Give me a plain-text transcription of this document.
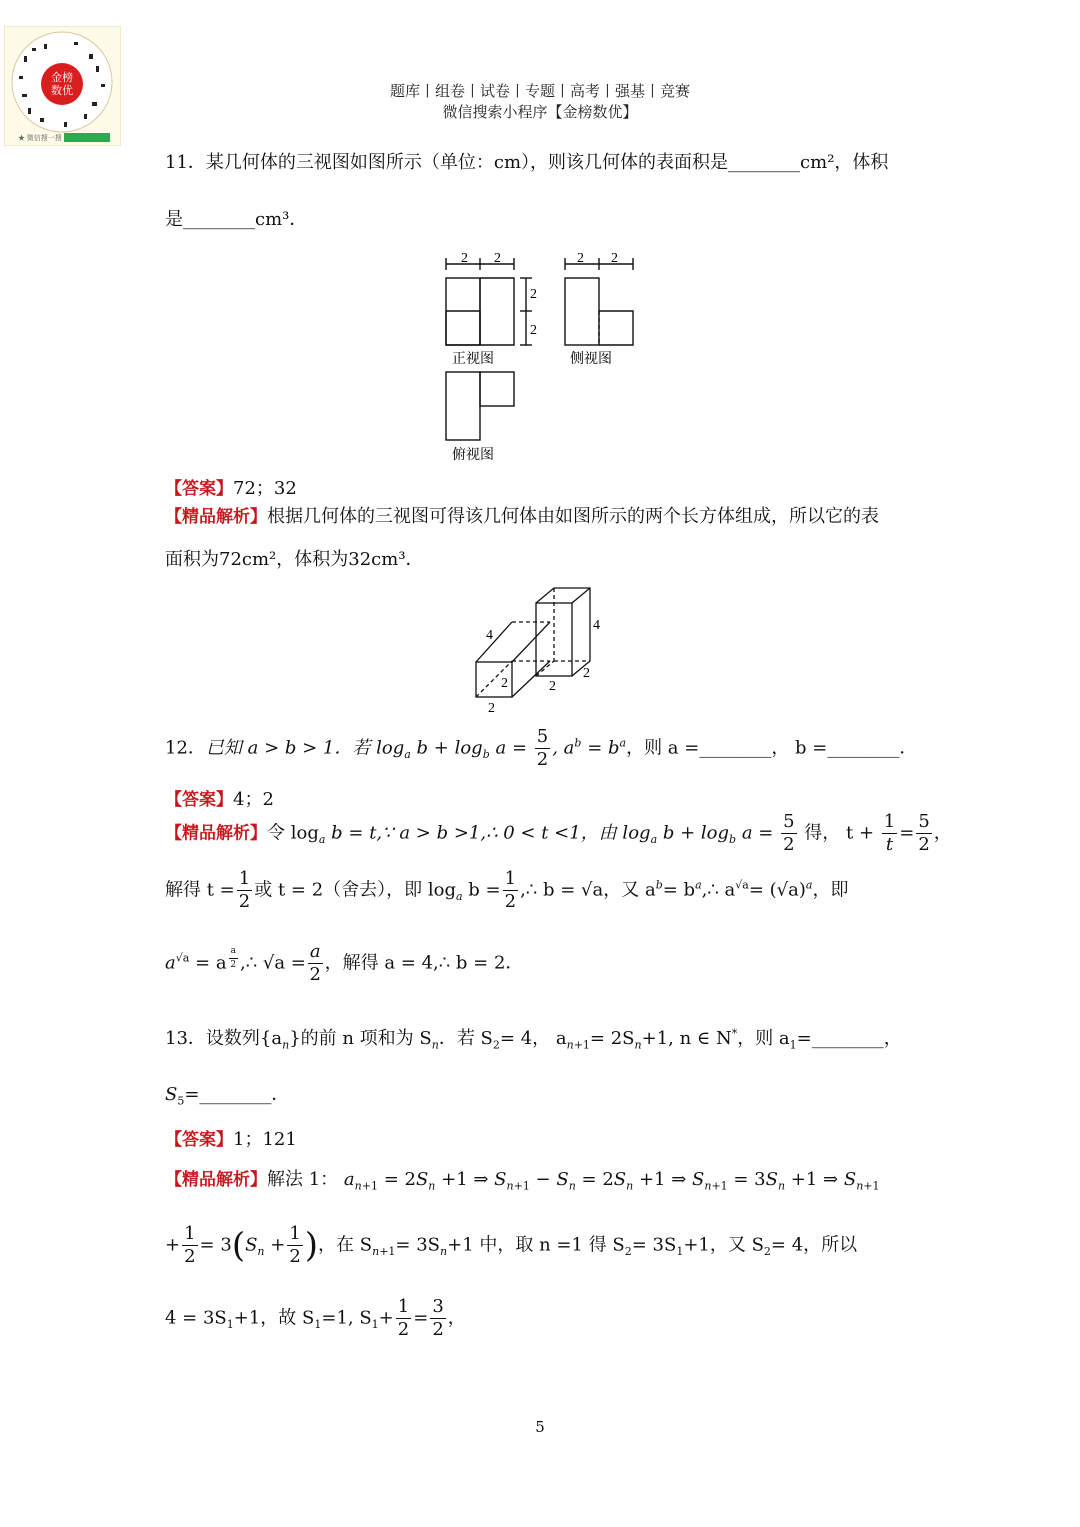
金榜
数优
★ 微信搜一搜
题库丨组卷丨试卷丨专题丨高考丨强基丨竞赛
微信搜索小程序【金榜数优】
11．某几何体的三视图如图所示（单位：cm），则该几何体的表面积是________cm²，体积
是________cm³．
2 2	2 2
2
2
正视图	侧视图
俯视图
【答案】72；32
【精品解析】根据几何体的三视图可得该几何体由如图所示的两个长方体组成，所以它的表
面积为72cm²，体积为32cm³．
4
4
2
2
2
2
12．已知 a > b > 1．若 $\log_a b + \log_b a = \frac{5}{2}$ , $a^b = b^a$，则 a =________， b =________．
【答案】4；2
【精品解析】令 $\log_a b$ = t,∵ a > b >1,∴ 0 < t <1，由 $\log_a b + \log_b a = \frac{5}{2}$ 得， $t + \frac{1}{t} = \frac{5}{2}$ ，
解得 $t = \frac{1}{2}$ 或 t = 2（舍去），即 $\log_a b = \frac{1}{2}$ ,∴ b = √a，又 $a^b=$ $b^a,\therefore$ $a^{√a}= (√a)^a$，即
$a^{√a} = a$ $^{\frac{a}{2}}$ ,∴ $√a = \frac{a}{2}$ ，解得 a = 4,∴ b = 2．
13．设数列$\{a_n\}$的前 n 项和为 $S_n$．若 $S_2= 4$， $a_{n+1}= 2S_n+1$, n ∈ N*，则 $a_1=\_\_\_\_\_\_\_\_$，
$S_5=\_\_\_\_\_\_\_\_$．
【答案】1；121
【精品解析】解法 1： $a_{n+1} = 2S_n +1$ ⇒ $S_{n+1} - S_n = 2S_n +1$ ⇒ $S_{n+1} = 3S_n +1$ ⇒ $S_{n+1}$
+ $\frac{1}{2} = 3(S_n + \frac{1}{2}$ )，在 $S_{n+1}= 3S_n+1$ 中，取 n =1 得 $S_2= 3S_1+1$，又 $S_2= 4$，所以
$4 = 3S_1+1$，故 $S_1=1$, $S_1+ \frac{1}{2} = \frac{3}{2}$ ，
5
